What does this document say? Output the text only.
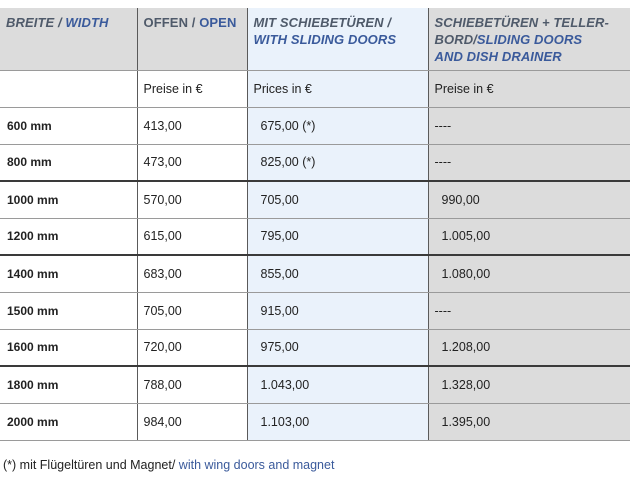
BREITE / WIDTH	OFFEN / OPEN	MIT SCHIEBETÜREN /
WITH SLIDING DOORS	SCHIEBETÜREN + TELLER-
BORD/SLIDING DOORS
AND DISH DRAINER
	Preise in €	Prices in €	Preise in €
600 mm	413,00	675,00 (*)	----
800 mm	473,00	825,00 (*)	----
1000 mm	570,00	705,00	990,00
1200 mm	615,00	795,00	1.005,00
1400 mm	683,00	855,00	1.080,00
1500 mm	705,00	915,00	----
1600 mm	720,00	975,00	1.208,00
1800 mm	788,00	1.043,00	1.328,00
2000 mm	984,00	1.103,00	1.395,00
(*) mit Flügeltüren und Magnet/ with wing doors and magnet
